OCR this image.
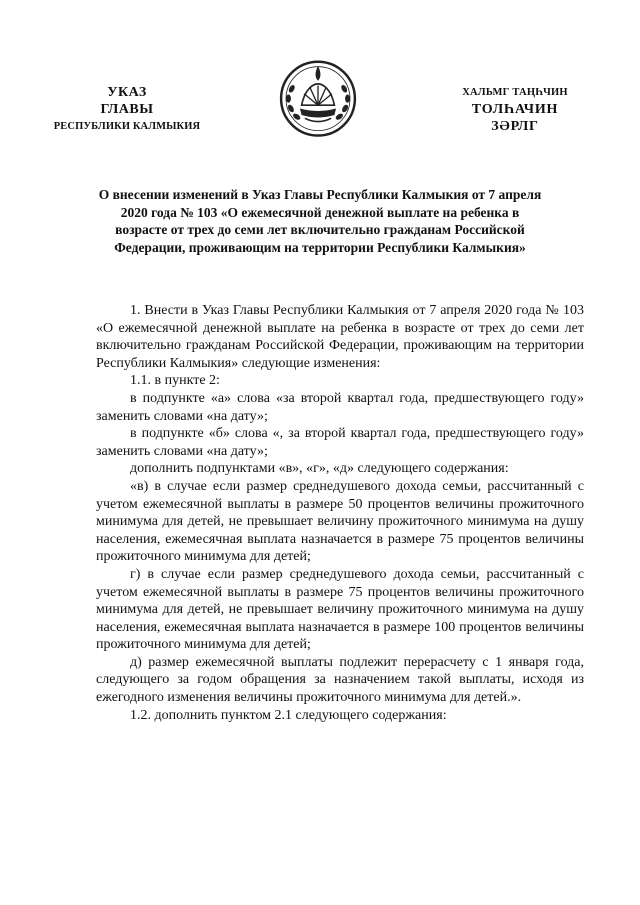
УКАЗ
ГЛАВЫ
РЕСПУБЛИКИ КАЛМЫКИЯ
ХАЛЬМГ ТАҢҺЧИН
ТОЛҺАЧИН
ЗӘРЛГ
О внесении изменений в Указ Главы Республики Калмыкия от 7 апреля 2020 года № 103 «О ежемесячной денежной выплате на ребенка в возрасте от трех до семи лет включительно гражданам Российской Федерации, проживающим на территории Республики Калмыкия»

1. Внести в Указ Главы Республики Калмыкия от 7 апреля 2020 года № 103 «О ежемесячной денежной выплате на ребенка в возрасте от трех до семи лет включительно гражданам Российской Федерации, проживающим на территории Республики Калмыкия» следующие изменения:

1.1. в пункте 2:

в подпункте «а» слова «за второй квартал года, предшествующего году» заменить словами «на дату»;

в подпункте «б» слова «, за второй квартал года, предшествующего году» заменить словами «на дату»;

дополнить подпунктами «в», «г», «д» следующего содержания:

«в) в случае если размер среднедушевого дохода семьи, рассчитанный с учетом ежемесячной выплаты в размере 50 процентов величины прожиточного минимума для детей, не превышает величину прожиточного минимума на душу населения, ежемесячная выплата назначается в размере 75 процентов величины прожиточного минимума для детей;

г) в случае если размер среднедушевого дохода семьи, рассчитанный с учетом ежемесячной выплаты в размере 75 процентов величины прожиточного минимума для детей, не превышает величину прожиточного минимума на душу населения, ежемесячная выплата назначается в размере 100 процентов величины прожиточного минимума для детей;

д) размер ежемесячной выплаты подлежит перерасчету с 1 января года, следующего за годом обращения за назначением такой выплаты, исходя из ежегодного изменения величины прожиточного минимума для детей.».

1.2. дополнить пунктом 2.1 следующего содержания:
